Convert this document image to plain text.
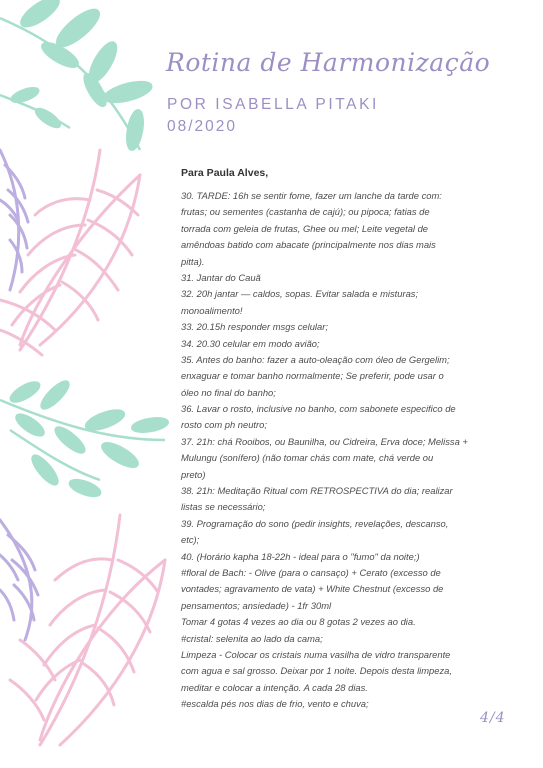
Rotina de Harmonização
POR ISABELLA PITAKI
08/2020
Para Paula Alves,
30. TARDE: 16h se sentir fome, fazer um lanche da tarde com:
frutas; ou sementes (castanha de cajú); ou pipoca; fatias de
torrada com geleia de frutas, Ghee ou mel; Leite vegetal de
amêndoas batido com abacate (principalmente nos dias mais
pitta).
31. Jantar do Cauã
32. 20h jantar — caldos, sopas. Evitar salada e misturas;
monoalimento!
33. 20.15h responder msgs celular;
34. 20.30 celular em modo avião;
35. Antes do banho: fazer a auto-oleação com óleo de Gergelim;
enxaguar e tomar banho normalmente; Se preferir, pode usar o
óleo no final do banho;
36. Lavar o rosto, inclusive no banho, com sabonete especifico de
rosto com ph neutro;
37. 21h: chá Rooibos, ou Baunilha, ou Cidreira, Erva doce; Melissa +
Mulungu (sonífero) (não tomar chás com mate, chá verde ou
preto)
38. 21h: Meditação Ritual com RETROSPECTIVA do dia; realizar
listas se necessário;
39. Programação do sono (pedir insights, revelações, descanso,
etc);
40. (Horário kapha 18-22h - ideal para o "fumo" da noite;)
#floral de Bach: - Olive (para o cansaço) + Cerato (excesso de
vontades; agravamento de vata) + White Chestnut (excesso de
pensamentos; ansiedade) - 1fr 30ml
Tomar 4 gotas 4 vezes ao dia ou 8 gotas 2 vezes ao dia.
#cristal: selenita ao lado da cama;
Limpeza - Colocar os cristais numa vasilha de vidro transparente
com agua e sal grosso. Deixar por 1 noite. Depois desta limpeza,
meditar e colocar a intenção. A cada 28 dias.
#escalda pés nos dias de frio, vento e chuva;
4/4
